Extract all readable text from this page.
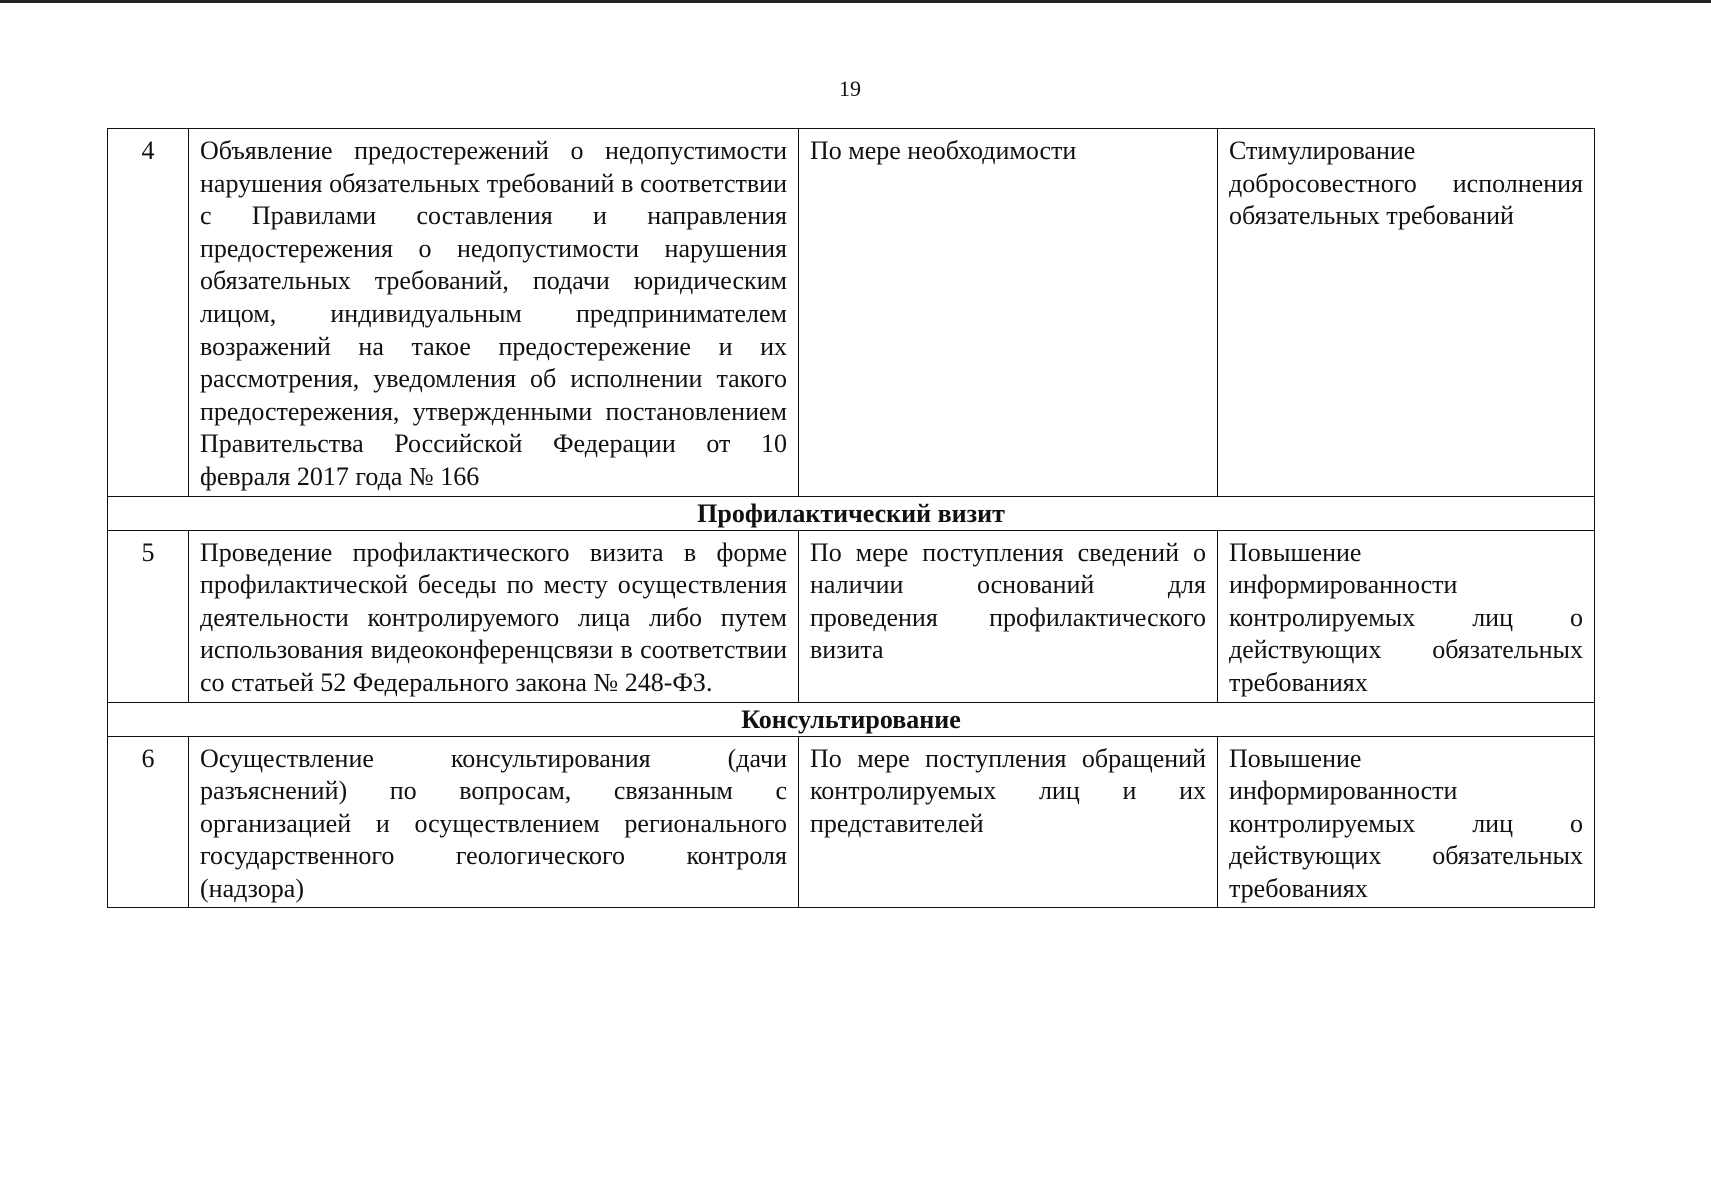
19
4	Объявление предостережений о недопустимости нарушения обязательных требований в соответствии с Правилами составления и направления предостережения о недопустимости нарушения обязательных требований, подачи юридическим лицом, индивидуальным предпринимателем возражений на такое предостережение и их рассмотрения, уведомления об исполнении такого предостережения, утвержденными постановлением Правительства Российской Федерации от 10 февраля 2017 года № 166	По мере необходимости	Стимулирование добросовестного исполнения обязательных требований
Профилактический визит			
5	Проведение профилактического визита в форме профилактической беседы по месту осуществления деятельности контролируемого лица либо путем использования видеоконференцсвязи в соответствии со статьей 52 Федерального закона № 248-ФЗ.	По мере поступления сведений о наличии оснований для проведения профилактического визита	Повышение информированности контролируемых лиц о действующих обязательных требованиях
Консультирование			
6	Осуществление консультирования (дачи разъяснений) по вопросам, связанным с организацией и осуществлением регионального государственного геологического контроля (надзора)	По мере поступления обращений контролируемых лиц и их представителей	Повышение информированности контролируемых лиц о действующих обязательных требованиях
